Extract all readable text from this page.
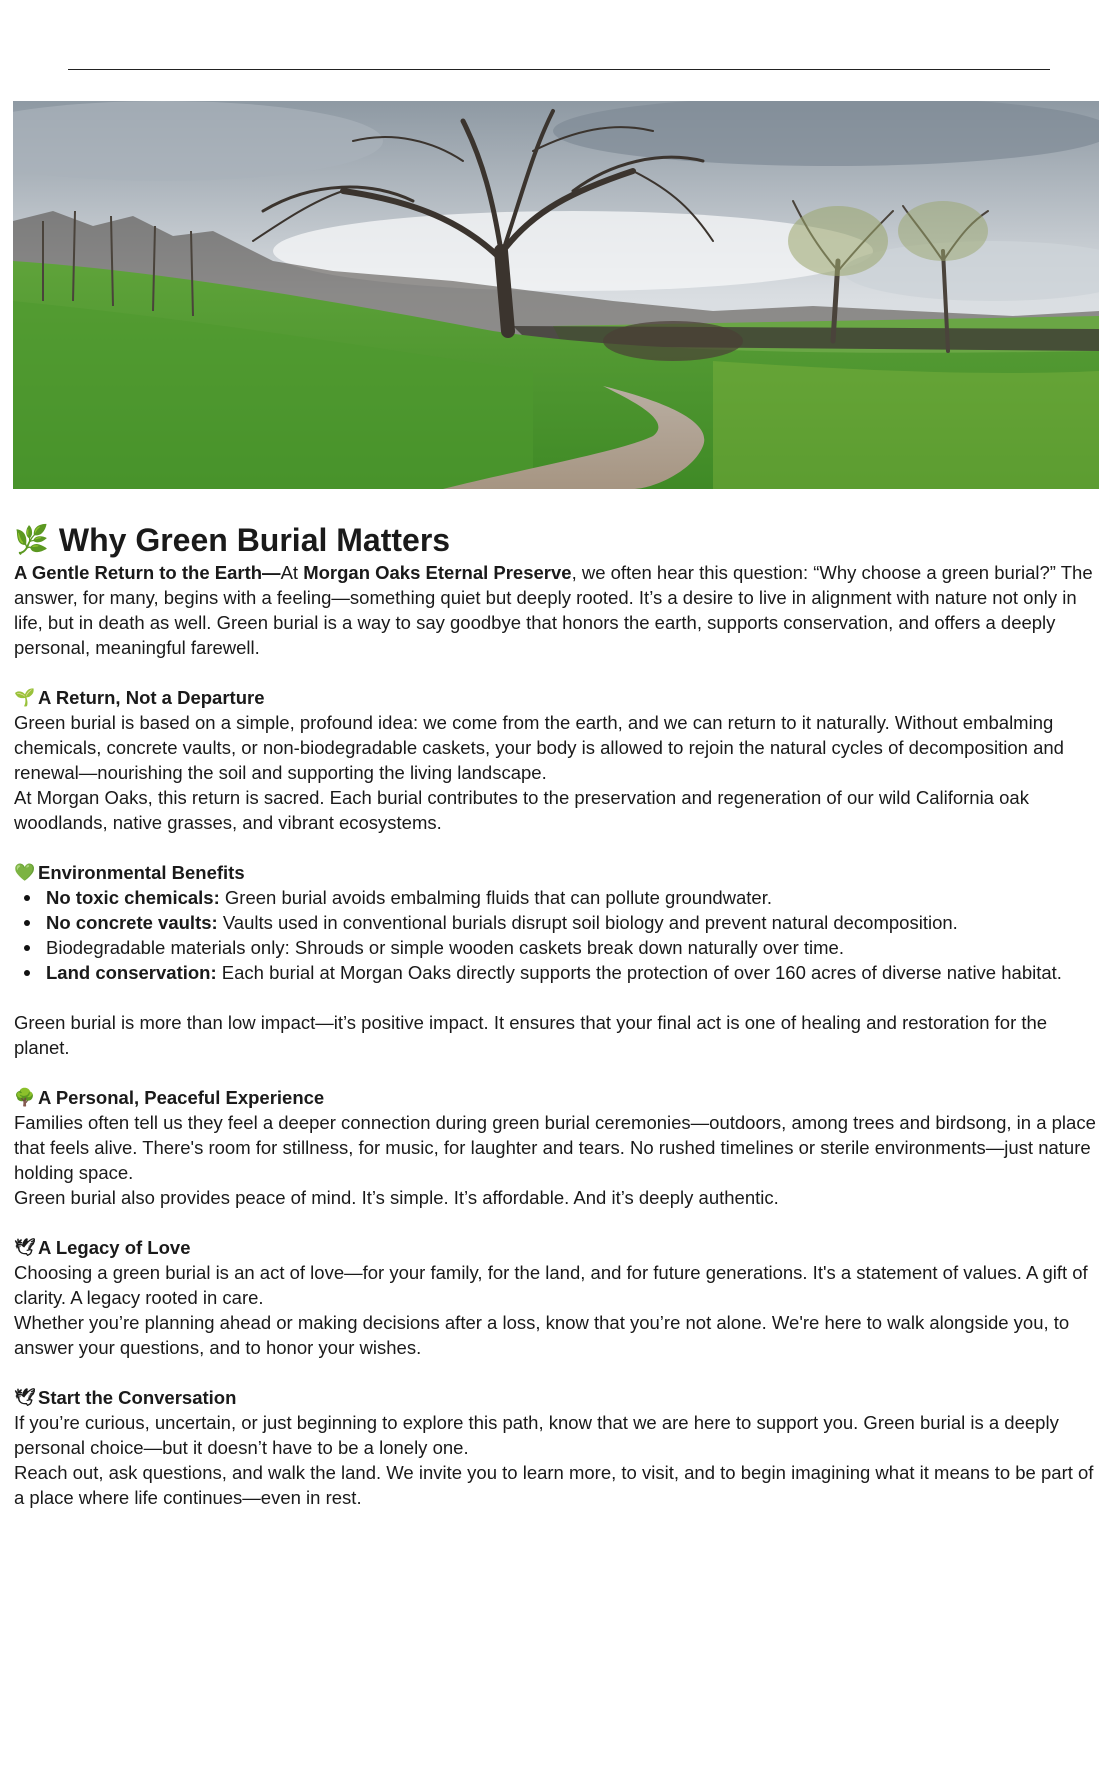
🌿 Why Green Burial Matters

A Gentle Return to the Earth—At Morgan Oaks Eternal Preserve, we often hear this question: “Why choose a green burial?” The answer, for many, begins with a feeling—something quiet but deeply rooted. It’s a desire to live in alignment with nature not only in life, but in death as well. Green burial is a way to say goodbye that honors the earth, supports conservation, and offers a deeply personal, meaningful farewell.

🌱 A Return, Not a Departure

Green burial is based on a simple, profound idea: we come from the earth, and we can return to it naturally. Without embalming chemicals, concrete vaults, or non-biodegradable caskets, your body is allowed to rejoin the natural cycles of decomposition and renewal—nourishing the soil and supporting the living landscape.

At Morgan Oaks, this return is sacred. Each burial contributes to the preservation and regeneration of our wild California oak woodlands, native grasses, and vibrant ecosystems.

💚 Environmental Benefits
No toxic chemicals: Green burial avoids embalming fluids that can pollute groundwater.
No concrete vaults: Vaults used in conventional burials disrupt soil biology and prevent natural decomposition.
Biodegradable materials only: Shrouds or simple wooden caskets break down naturally over time.
Land conservation: Each burial at Morgan Oaks directly supports the protection of over 160 acres of diverse native habitat.

Green burial is more than low impact—it’s positive impact. It ensures that your final act is one of healing and restoration for the planet.

🌳 A Personal, Peaceful Experience

Families often tell us they feel a deeper connection during green burial ceremonies—outdoors, among trees and birdsong, in a place that feels alive. There's room for stillness, for music, for laughter and tears. No rushed timelines or sterile environments—just nature holding space.

Green burial also provides peace of mind. It’s simple. It’s affordable. And it’s deeply authentic.

🕊 A Legacy of Love

Choosing a green burial is an act of love—for your family, for the land, and for future generations. It's a statement of values. A gift of clarity. A legacy rooted in care.

Whether you’re planning ahead or making decisions after a loss, know that you’re not alone. We're here to walk alongside you, to answer your questions, and to honor your wishes.

🕊 Start the Conversation

If you’re curious, uncertain, or just beginning to explore this path, know that we are here to support you. Green burial is a deeply personal choice—but it doesn’t have to be a lonely one.

Reach out, ask questions, and walk the land. We invite you to learn more, to visit, and to begin imagining what it means to be part of a place where life continues—even in rest.
